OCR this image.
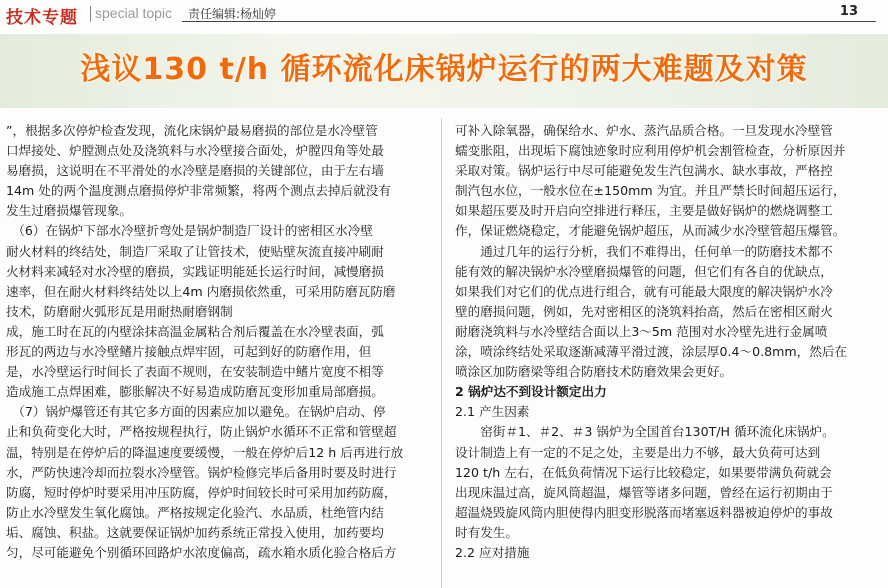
技术专题 special topic 责任编辑:杨灿婷	13
浅议130 t/h 循环流化床锅炉运行的两大难题及对策
”，根据多次停炉检查发现，流化床锅炉最易磨损的部位是水冷壁管
口焊接处、炉膛测点处及浇筑料与水冷壁接合面处，炉膛四角等处最
易磨损，这说明在不平滑处的水冷壁是磨损的关键部位，由于左右墙
14m 处的两个温度测点磨损停炉非常频繁，将两个测点去掉后就没有
发生过磨损爆管现象。
　（6）在锅炉下部水冷壁折弯处是锅炉制造厂设计的密相区水冷壁
耐火材料的终结处，制造厂采取了让管技术，使贴壁灰流直接冲刷耐
火材料来减轻对水冷壁的磨损，实践证明能延长运行时间，减慢磨损
速率，但在耐火材料终结处以上4m 内磨损依然重，可采用防磨瓦防磨
技术，防磨耐火弧形瓦是用耐热耐磨钢制
成，施工时在瓦的内壁涂抹高温金属粘合剂后覆盖在水冷壁表面，弧
形瓦的两边与水冷壁鳍片接触点焊牢固，可起到好的防磨作用，但
是，水冷壁运行时间长了表面不规则，在安装制造中鳍片宽度不相等
造成施工点焊困难，膨胀解决不好易造成防磨瓦变形加重局部磨损。
　（7）锅炉爆管还有其它多方面的因素应加以避免。在锅炉启动、停
止和负荷变化大时，严格按规程执行，防止锅炉水循环不正常和管壁超
温，特别是在停炉后的降温速度要缓慢，一般在停炉后12 h 后再进行放
水，严防快速冷却而拉裂水冷壁管。锅炉检修完毕后备用时要及时进行
防腐，短时停炉时要采用冲压防腐，停炉时间较长时可采用加药防腐，
防止水冷壁发生氧化腐蚀。严格按规定化验汽、水品质，杜绝管内结
垢、腐蚀、积盐。这就要保证锅炉加药系统正常投入使用，加药要均
匀，尽可能避免个别循环回路炉水浓度偏高，疏水箱水质化验合格后方
可补入除氧器，确保给水、炉水、蒸汽品质合格。一旦发现水冷壁管
蠕变胀阻，出现垢下腐蚀迹象时应利用停炉机会割管检查，分析原因并
采取对策。锅炉运行中尽可能避免发生汽包满水、缺水事故，严格控
制汽包水位，一般水位在±150mm 为宜。并且严禁长时间超压运行，
如果超压要及时开启向空排进行释压，主要是做好锅炉的燃烧调整工
作，保证燃烧稳定，才能避免锅炉超压，从而减少水冷壁管超压爆管。
　　通过几年的运行分析，我们不难得出，任何单一的防磨技术都不
能有效的解决锅炉水冷壁磨损爆管的问题，但它们有各自的优缺点，
如果我们对它们的优点进行组合，就有可能最大限度的解决锅炉水冷
壁的磨损问题，例如，先对密相区的浇筑料抬高，然后在密相区耐火
耐磨浇筑料与水冷壁结合面以上3～5m 范围对水冷壁先进行金属喷
涂，喷涂终结处采取逐渐减薄平滑过渡，涂层厚0.4～0.8mm，然后在
喷涂区加防磨梁等组合防磨技术防磨效果会更好。
2 锅炉达不到设计额定出力
2.1 产生因素
　　窑街＃1、＃2、＃3 锅炉为全国首台130T/H 循环流化床锅炉。
设计制造上有一定的不足之处，主要是出力不够，最大负荷可达到
120 t/h 左右，在低负荷情况下运行比较稳定，如果要带满负荷就会
出现床温过高，旋风筒超温，爆管等诸多问题，曾经在运行初期由于
超温烧毁旋风筒内胆使得内胆变形脱落而堵塞返料器被迫停炉的事故
时有发生。
2.2 应对措施
